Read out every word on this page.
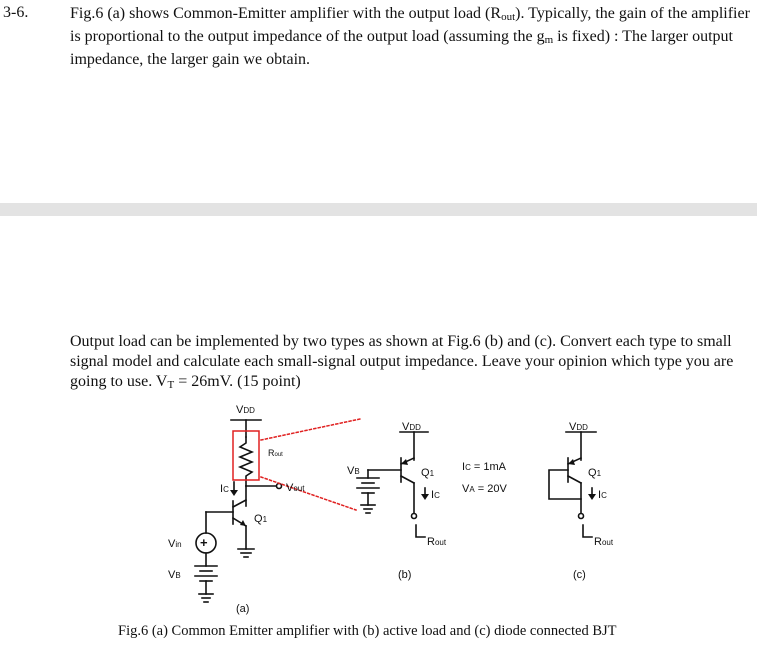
3-6.	Fig.6 (a) shows Common-Emitter amplifier with the output load (Rout). Typically, the gain of the amplifier is proportional to the output impedance of the output load (assuming the gm is fixed) : The larger output impedance, the larger gain we obtain.
Output load can be implemented by two types as shown at Fig.6 (b) and (c). Convert each type to small signal model and calculate each small-signal output impedance. Leave your opinion which type you are going to use. VT = 26mV. (15 point)
VDD
Rout
Vout
IC
Q1
Vin +
VB
(a)
VDD
VB	Q1
IC
IC = 1mA
VA = 20V
Rout
(b)
VDD
Q1
IC
Rout
(c)
Fig.6 (a) Common Emitter amplifier with (b) active load and (c) diode connected BJT
